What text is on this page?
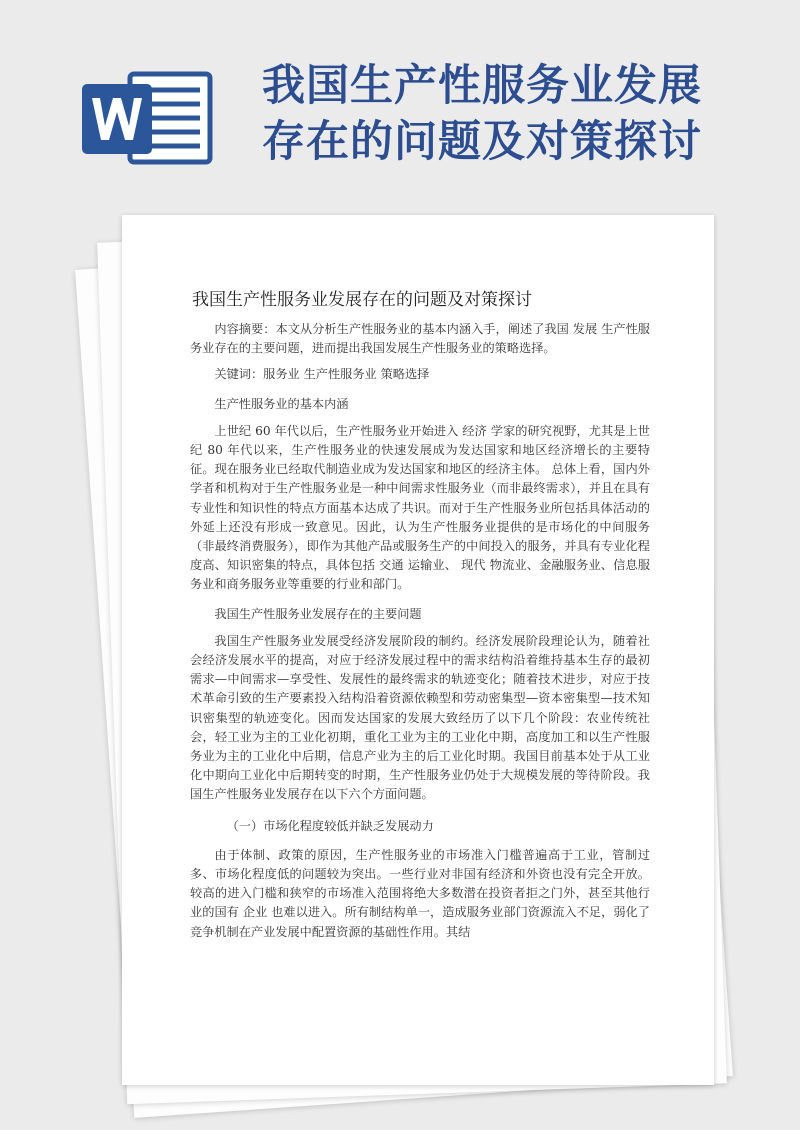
我国生产性服务业发展
存在的问题及对策探讨
我国生产性服务业发展存在的问题及对策探讨

内容摘要：本文从分析生产性服务业的基本内涵入手，阐述了我国 发展 生产性服务业存在的主要问题，进而提出我国发展生产性服务业的策略选择。

关键词：服务业 生产性服务业 策略选择

生产性服务业的基本内涵

上世纪 60 年代以后，生产性服务业开始进入 经济 学家的研究视野，尤其是上世纪 80 年代以来，生产性服务业的快速发展成为发达国家和地区经济增长的主要特征。现在服务业已经取代制造业成为发达国家和地区的经济主体。 总体上看，国内外学者和机构对于生产性服务业是一种中间需求性服务业（而非最终需求），并且在具有专业性和知识性的特点方面基本达成了共识。而对于生产性服务业所包括具体活动的外延上还没有形成一致意见。因此，认为生产性服务业提供的是市场化的中间服务（非最终消费服务），即作为其他产品或服务生产的中间投入的服务，并具有专业化程度高、知识密集的特点，具体包括 交通 运输业、 现代 物流业、金融服务业、信息服务业和商务服务业等重要的行业和部门。

我国生产性服务业发展存在的主要问题

我国生产性服务业发展受经济发展阶段的制约。经济发展阶段理论认为，随着社会经济发展水平的提高，对应于经济发展过程中的需求结构沿着维持基本生存的最初需求—中间需求—享受性、发展性的最终需求的轨迹变化；随着技术进步，对应于技术革命引致的生产要素投入结构沿着资源依赖型和劳动密集型—资本密集型—技术知识密集型的轨迹变化。因而发达国家的发展大致经历了以下几个阶段：农业传统社会，轻工业为主的工业化初期，重化工业为主的工业化中期，高度加工和以生产性服务业为主的工业化中后期，信息产业为主的后工业化时期。我国目前基本处于从工业化中期向工业化中后期转变的时期，生产性服务业仍处于大规模发展的等待阶段。我国生产性服务业发展存在以下六个方面问题。

（一）市场化程度较低并缺乏发展动力

由于体制、政策的原因，生产性服务业的市场准入门槛普遍高于工业，管制过多、市场化程度低的问题较为突出。一些行业对非国有经济和外资也没有完全开放。较高的进入门槛和狭窄的市场准入范围将绝大多数潜在投资者拒之门外，甚至其他行业的国有 企业 也难以进入。所有制结构单一，造成服务业部门资源流入不足，弱化了竞争机制在产业发展中配置资源的基础性作用。其结
